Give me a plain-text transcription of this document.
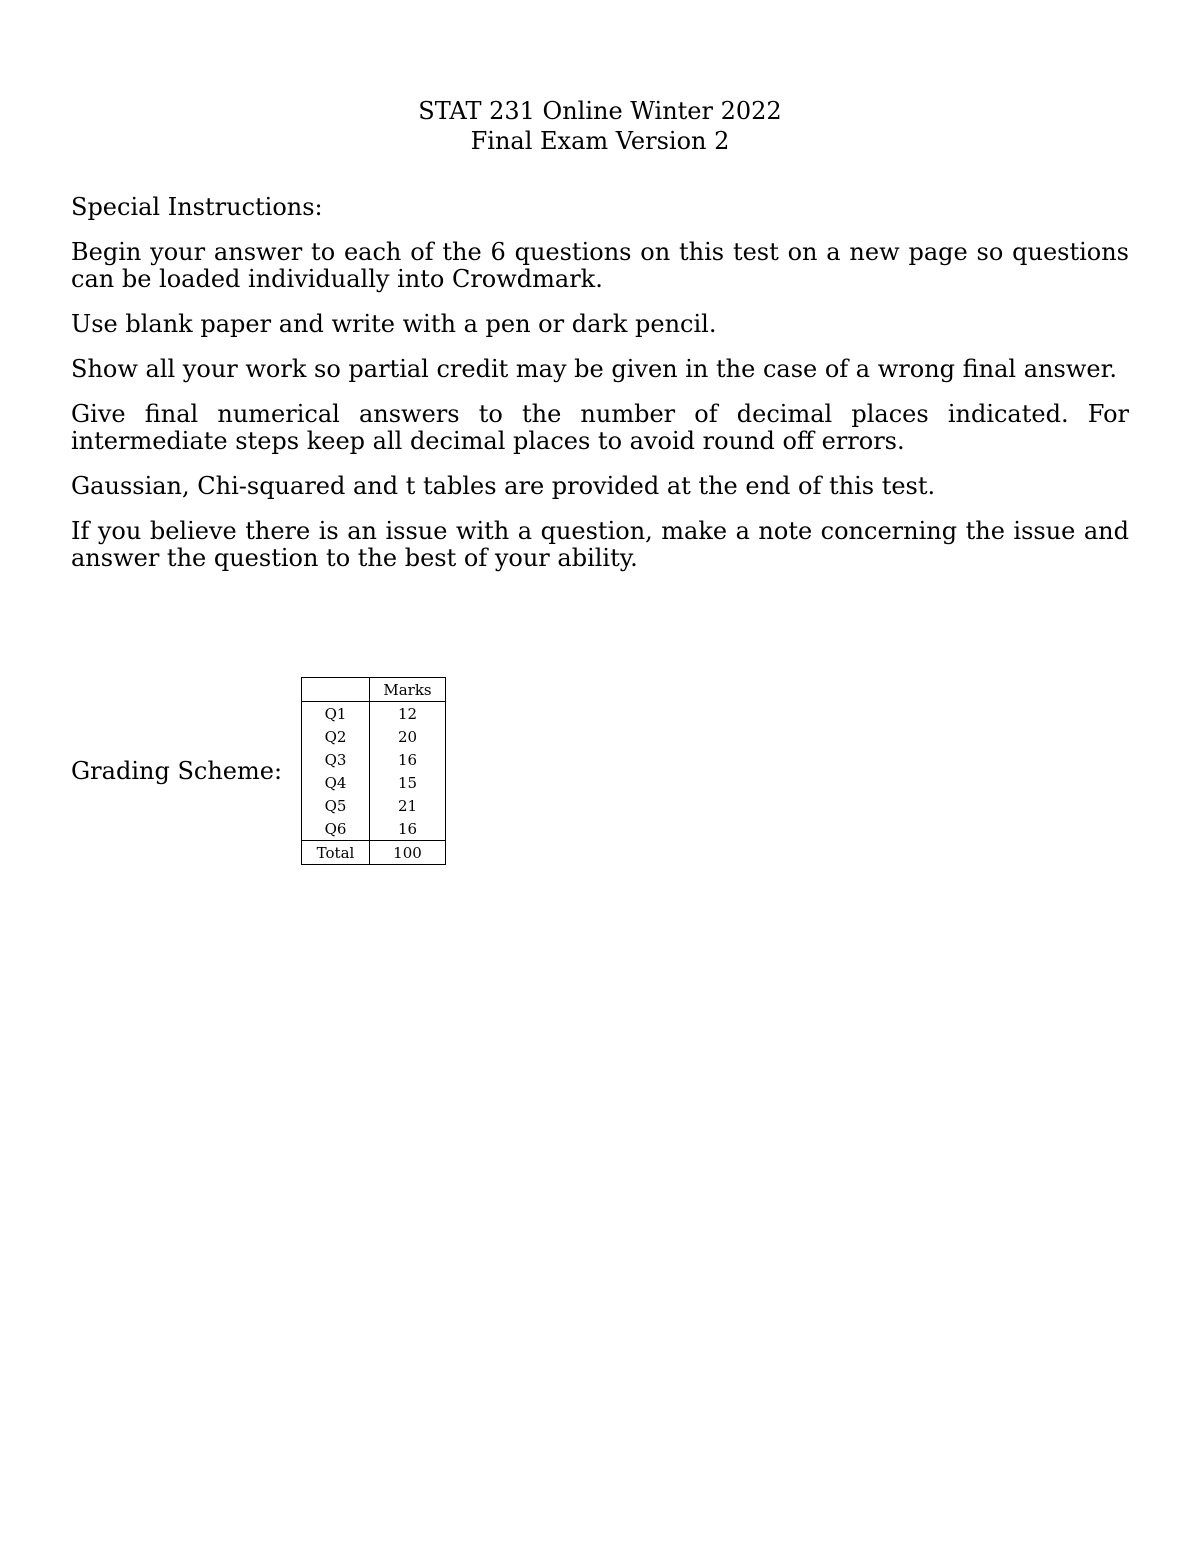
STAT 231 Online Winter 2022
Final Exam Version 2

Special Instructions:

Begin your answer to each of the 6 questions on this test on a new page so questions can be loaded individually into Crowdmark.

Use blank paper and write with a pen or dark pencil.

Show all your work so partial credit may be given in the case of a wrong final answer.

Give final numerical answers to the number of decimal places indicated. For intermediate steps keep all decimal places to avoid round off errors.

Gaussian, Chi-squared and t tables are provided at the end of this test.

If you believe there is an issue with a question, make a note concerning the issue and answer the question to the best of your ability.

Grading Scheme:
	Marks
Q1	12
Q2	20
Q3	16
Q4	15
Q5	21
Q6	16
Total	100
